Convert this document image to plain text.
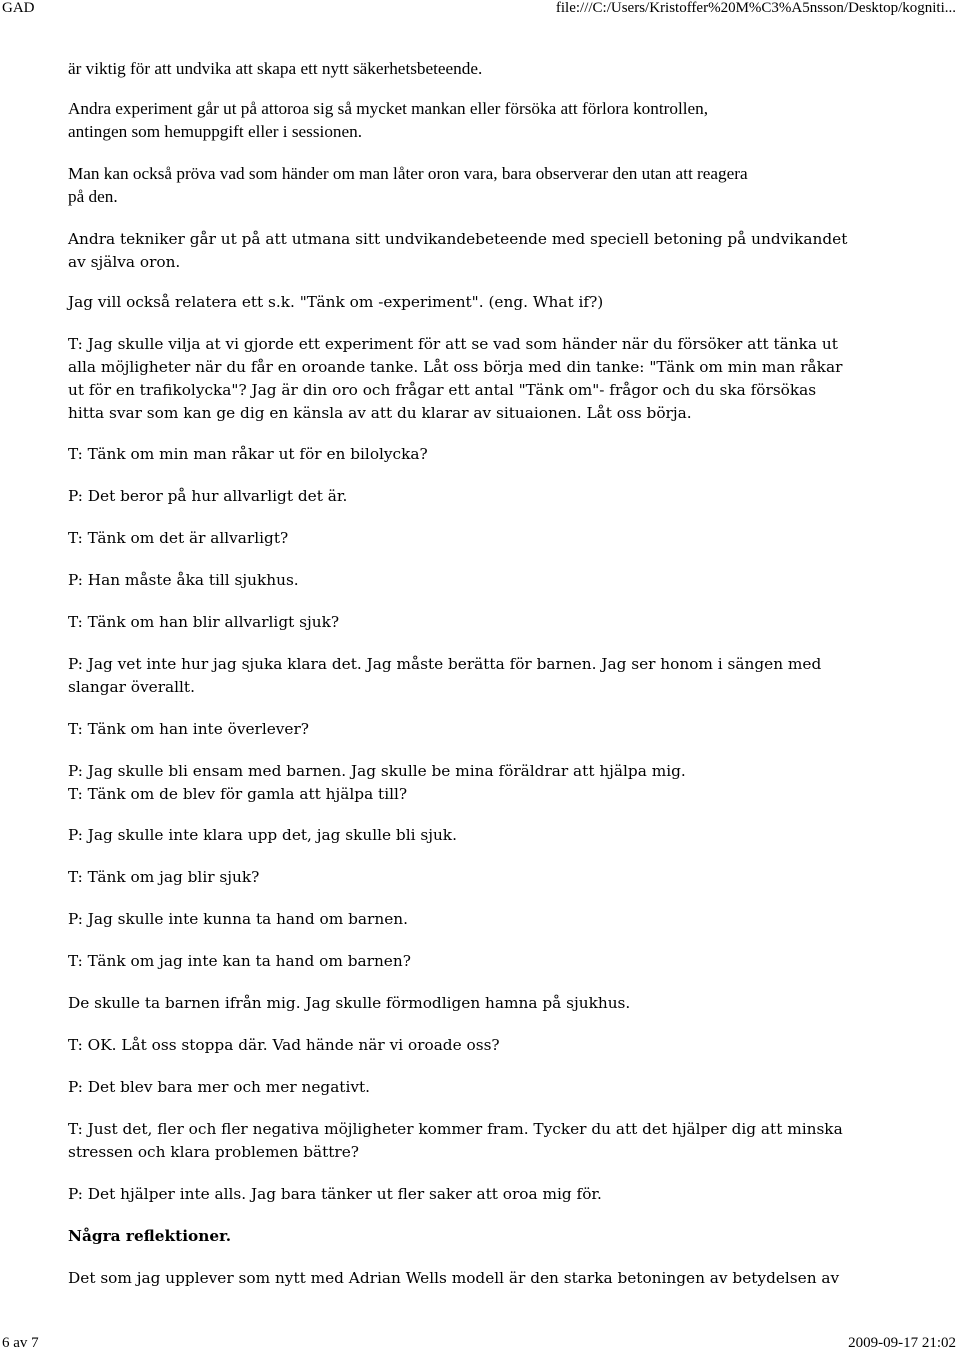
GAD	file:///C:/Users/Kristoffer%20M%C3%A5nsson/Desktop/kogniti...
är viktig för att undvika att skapa ett nytt säkerhetsbeteende.
Andra experiment går ut på attoroa sig så mycket mankan eller försöka att förlora kontrollen,
antingen som hemuppgift eller i sessionen.
Man kan också pröva vad som händer om man låter oron vara, bara observerar den utan att reagera
på den.
Andra tekniker går ut på att utmana sitt undvikandebeteende med speciell betoning på undvikandet
av själva oron.
Jag vill också relatera ett s.k. "Tänk om -experiment". (eng. What if?)
T: Jag skulle vilja at vi gjorde ett experiment för att se vad som händer när du försöker att tänka ut
alla möjligheter när du får en oroande tanke. Låt oss börja med din tanke: "Tänk om min man råkar
ut för en trafikolycka"? Jag är din oro och frågar ett antal "Tänk om"- frågor och du ska försökas
hitta svar som kan ge dig en känsla av att du klarar av situaionen. Låt oss börja.
T: Tänk om min man råkar ut för en bilolycka?
P: Det beror på hur allvarligt det är.
T: Tänk om det är allvarligt?
P: Han måste åka till sjukhus.
T: Tänk om han blir allvarligt sjuk?
P: Jag vet inte hur jag sjuka klara det. Jag måste berätta för barnen. Jag ser honom i sängen med
slangar överallt.
T: Tänk om han inte överlever?
P: Jag skulle bli ensam med barnen. Jag skulle be mina föräldrar att hjälpa mig.
T: Tänk om de blev för gamla att hjälpa till?
P: Jag skulle inte klara upp det, jag skulle bli sjuk.
T: Tänk om jag blir sjuk?
P: Jag skulle inte kunna ta hand om barnen.
T: Tänk om jag inte kan ta hand om barnen?
De skulle ta barnen ifrån mig. Jag skulle förmodligen hamna på sjukhus.
T: OK. Låt oss stoppa där. Vad hände när vi oroade oss?
P: Det blev bara mer och mer negativt.
T: Just det, fler och fler negativa möjligheter kommer fram. Tycker du att det hjälper dig att minska
stressen och klara problemen bättre?
P: Det hjälper inte alls. Jag bara tänker ut fler saker att oroa mig för.
Några reflektioner.
Det som jag upplever som nytt med Adrian Wells modell är den starka betoningen av betydelsen av
6 av 7	2009-09-17 21:02
